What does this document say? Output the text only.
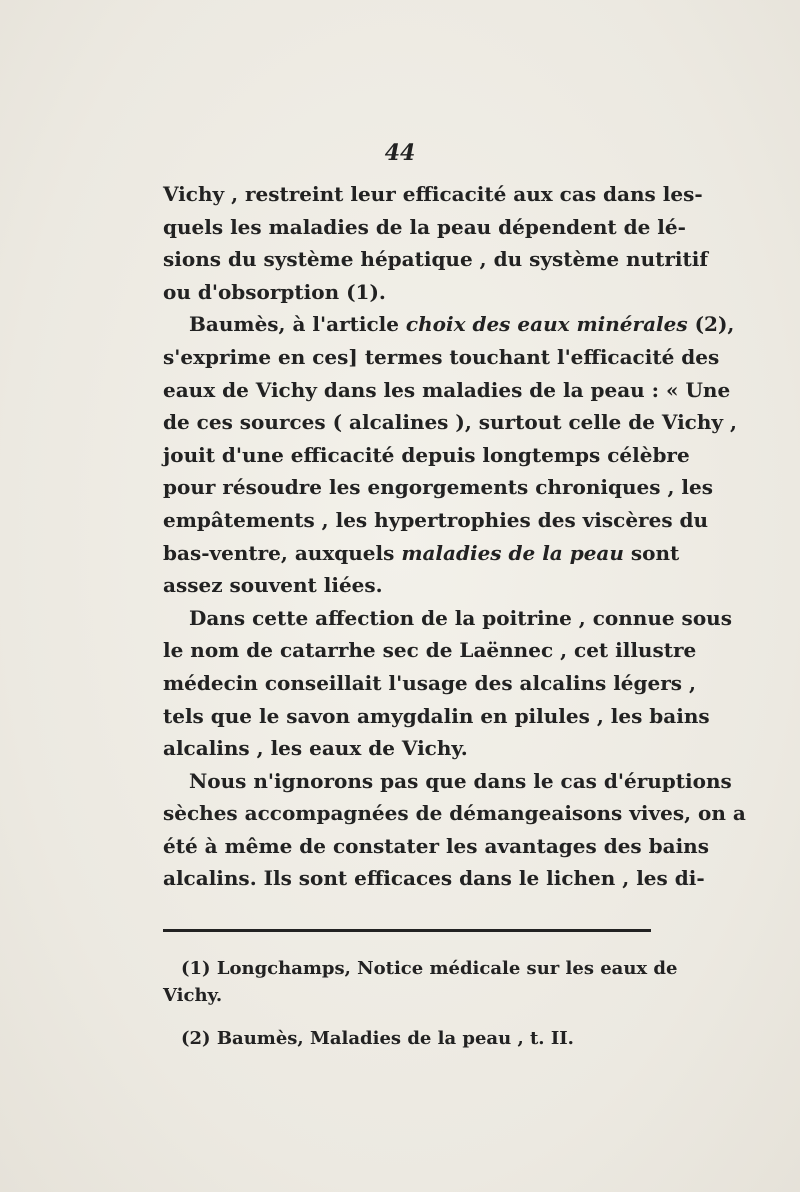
44
Vichy , restreint leur efficacité aux cas dans les-
quels les maladies de la peau dépendent de lé-
sions du système hépatique , du système nutritif
ou d'obsorption (1).
Baumès, à l'article choix des eaux minérales (2),
s'exprime en ces] termes touchant l'efficacité des
eaux de Vichy dans les maladies de la peau : « Une
de ces sources ( alcalines ), surtout celle de Vichy ,
jouit d'une efficacité depuis longtemps célèbre
pour résoudre les engorgements chroniques , les
empâtements , les hypertrophies des viscères du
bas-ventre, auxquels maladies de la peau sont
assez souvent liées.
Dans cette affection de la poitrine , connue sous
le nom de catarrhe sec de Laënnec , cet illustre
médecin conseillait l'usage des alcalins légers ,
tels que le savon amygdalin en pilules , les bains
alcalins , les eaux de Vichy.
Nous n'ignorons pas que dans le cas d'éruptions
sèches accompagnées de démangeaisons vives, on a
été à même de constater les avantages des bains
alcalins. Ils sont efficaces dans le lichen , les di-
(1) Longchamps, Notice médicale sur les eaux de
Vichy.
(2) Baumès, Maladies de la peau , t. II.
